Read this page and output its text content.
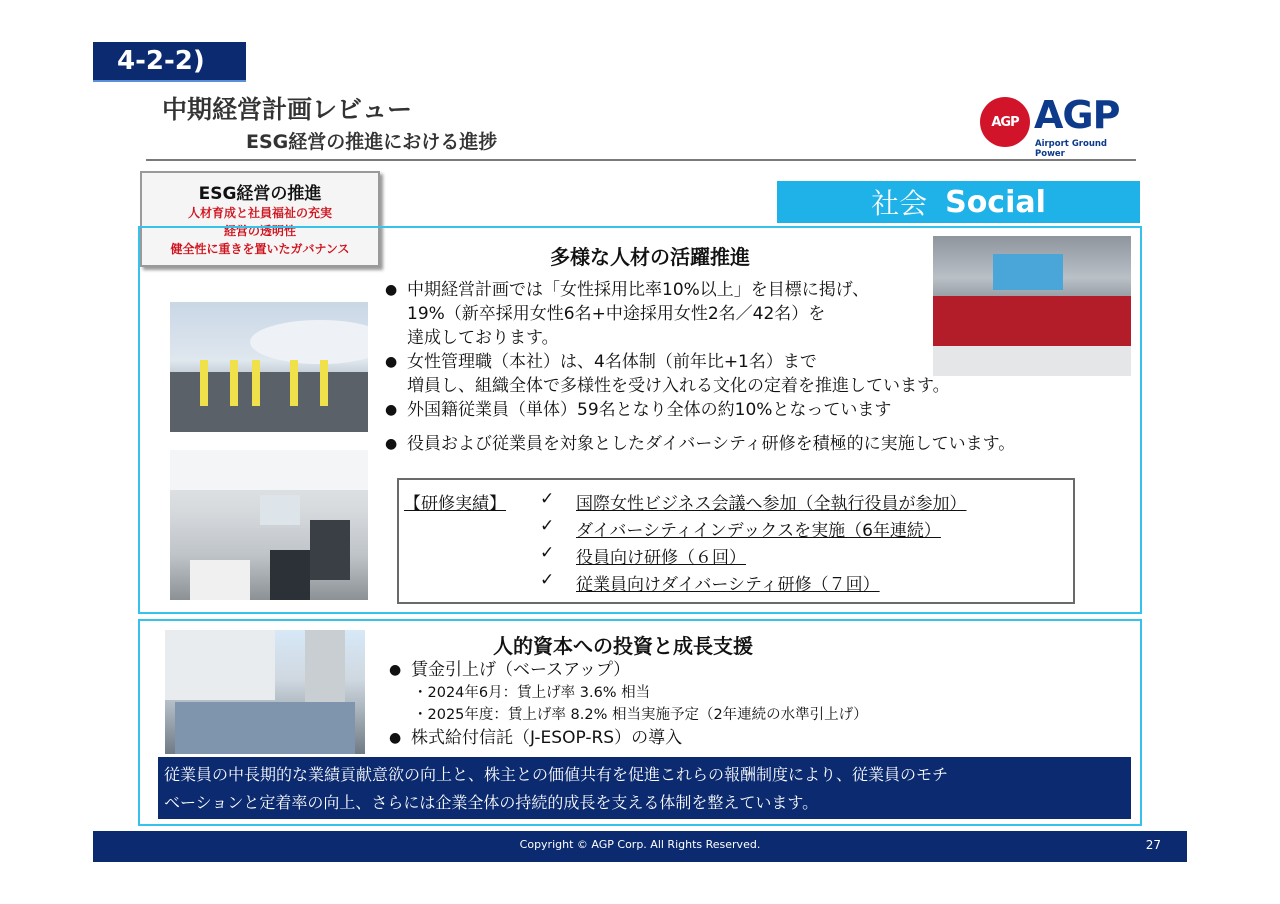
4-2-2)
中期経営計画レビュー
ESG経営の推進における進捗
AGP AGP
Airport Ground Power
ESG経営の推進
人材育成と社員福祉の充実
経営の透明性
健全性に重きを置いたガバナンス
社会 Social
多様な人材の活躍推進
● 中期経営計画では「女性採用比率10%以上」を目標に掲げ、
19%（新卒採用女性6名+中途採用女性2名／42名）を
達成しております。
● 女性管理職（本社）は、4名体制（前年比+1名）まで
増員し、組織全体で多様性を受け入れる文化の定着を推進しています。
● 外国籍従業員（単体）59名となり全体の約10%となっています
● 役員および従業員を対象としたダイバーシティ研修を積極的に実施しています。
【研修実績】 ✓	国際女性ビジネス会議へ参加（全執行役員が参加）
✓	ダイバーシティインデックスを実施（6年連続）
✓	役員向け研修（６回）
✓	従業員向けダイバーシティ研修（７回）
人的資本への投資と成長支援
● 賃金引上げ（ベースアップ）
・2024年6月：賃上げ率 3.6% 相当
・2025年度：賃上げ率 8.2% 相当実施予定（2年連続の水準引上げ）
● 株式給付信託（J-ESOP-RS）の導入
従業員の中長期的な業績貢献意欲の向上と、株主との価値共有を促進これらの報酬制度により、従業員のモチ
ベーションと定着率の向上、さらには企業全体の持続的成長を支える体制を整えています。
Copyright © AGP Corp. All Rights Reserved.	27
